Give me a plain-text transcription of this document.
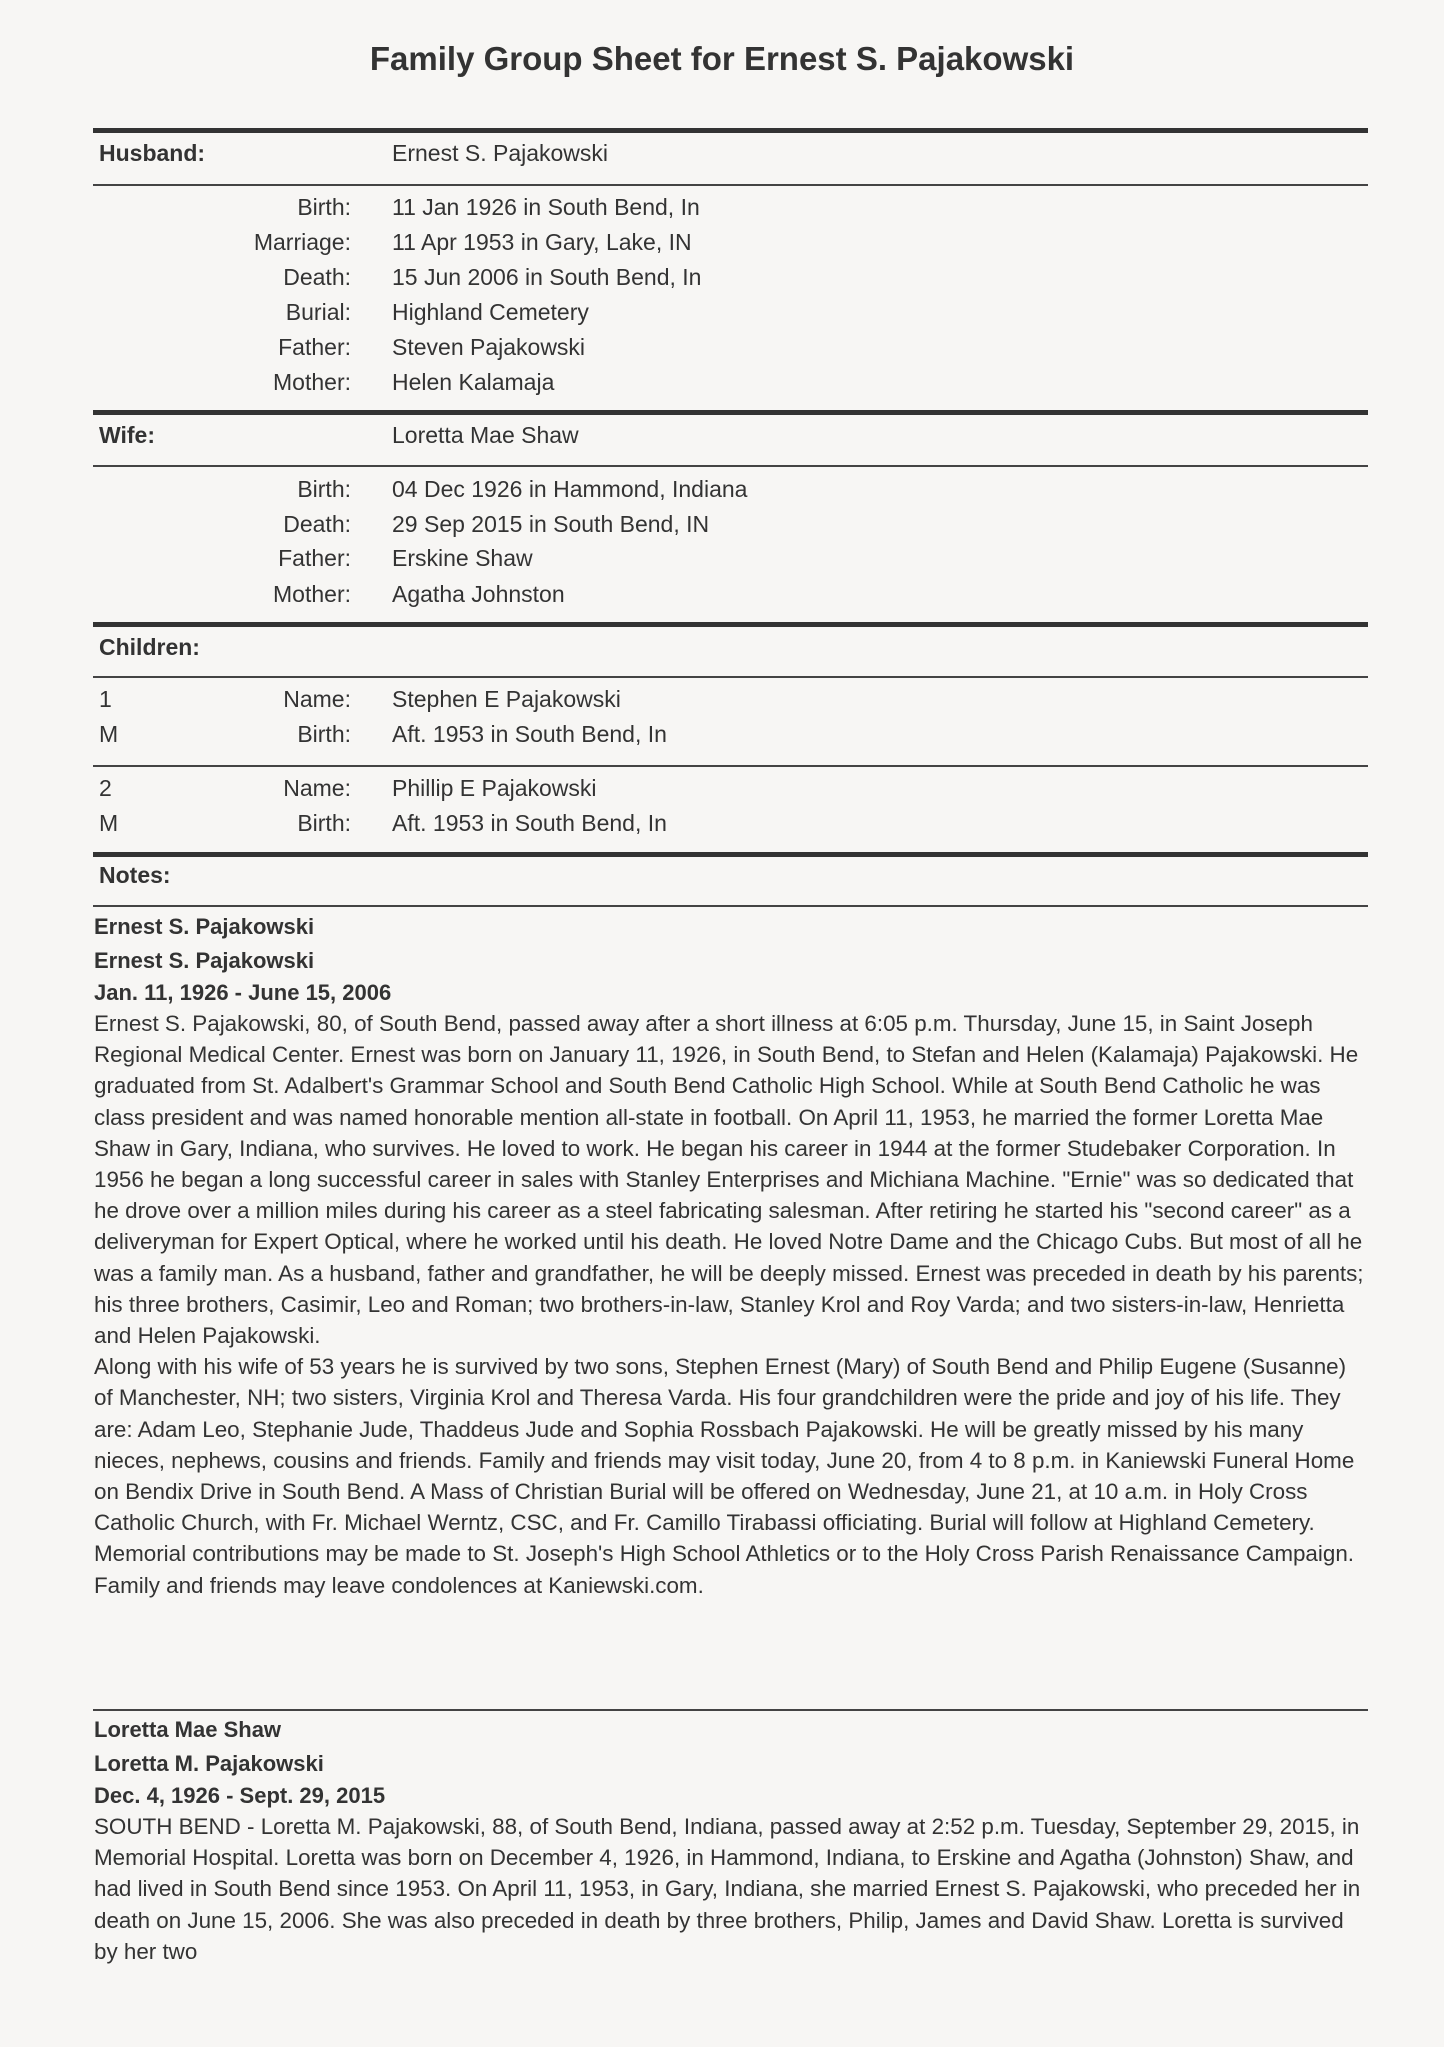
Family Group Sheet for Ernest S. Pajakowski
Husband:	Ernest S. Pajakowski
Birth: 11 Jan 1926 in South Bend, In
Marriage: 11 Apr 1953 in Gary, Lake, IN
Death: 15 Jun 2006 in South Bend, In
Burial: Highland Cemetery
Father: Steven Pajakowski
Mother: Helen Kalamaja
Wife:	Loretta Mae Shaw
Birth: 04 Dec 1926 in Hammond, Indiana
Death: 29 Sep 2015 in South Bend, IN
Father: Erskine Shaw
Mother: Agatha Johnston
Children:
1	Name: Stephen E Pajakowski
M	Birth: Aft. 1953 in South Bend, In
2	Name: Phillip E Pajakowski
M	Birth: Aft. 1953 in South Bend, In
Notes:
Ernest S. Pajakowski
Ernest S. Pajakowski
Jan. 11, 1926 - June 15, 2006

Ernest S. Pajakowski, 80, of South Bend, passed away after a short illness at 6:05 p.m. Thursday, June 15, in Saint Joseph Regional Medical Center. Ernest was born on January 11, 1926, in South Bend, to Stefan and Helen (Kalamaja) Pajakowski. He graduated from St. Adalbert's Grammar School and South Bend Catholic High School. While at South Bend Catholic he was class president and was named honorable mention all-state in football. On April 11, 1953, he married the former Loretta Mae Shaw in Gary, Indiana, who survives. He loved to work. He began his career in 1944 at the former Studebaker Corporation. In 1956 he began a long successful career in sales with Stanley Enterprises and Michiana Machine. "Ernie" was so dedicated that he drove over a million miles during his career as a steel fabricating salesman. After retiring he started his "second career" as a deliveryman for Expert Optical, where he worked until his death. He loved Notre Dame and the Chicago Cubs. But most of all he was a family man. As a husband, father and grandfather, he will be deeply missed. Ernest was preceded in death by his parents; his three brothers, Casimir, Leo and Roman; two brothers-in-law, Stanley Krol and Roy Varda; and two sisters-in-law, Henrietta and Helen Pajakowski.

Along with his wife of 53 years he is survived by two sons, Stephen Ernest (Mary) of South Bend and Philip Eugene (Susanne) of Manchester, NH; two sisters, Virginia Krol and Theresa Varda. His four grandchildren were the pride and joy of his life. They are: Adam Leo, Stephanie Jude, Thaddeus Jude and Sophia Rossbach Pajakowski. He will be greatly missed by his many nieces, nephews, cousins and friends. Family and friends may visit today, June 20, from 4 to 8 p.m. in Kaniewski Funeral Home on Bendix Drive in South Bend. A Mass of Christian Burial will be offered on Wednesday, June 21, at 10 a.m. in Holy Cross Catholic Church, with Fr. Michael Werntz, CSC, and Fr. Camillo Tirabassi officiating. Burial will follow at Highland Cemetery. Memorial contributions may be made to St. Joseph's High School Athletics or to the Holy Cross Parish Renaissance Campaign. Family and friends may leave condolences at Kaniewski.com.

Loretta Mae Shaw
Loretta M. Pajakowski
Dec. 4, 1926 - Sept. 29, 2015

SOUTH BEND - Loretta M. Pajakowski, 88, of South Bend, Indiana, passed away at 2:52 p.m. Tuesday, September 29, 2015, in Memorial Hospital. Loretta was born on December 4, 1926, in Hammond, Indiana, to Erskine and Agatha (Johnston) Shaw, and had lived in South Bend since 1953. On April 11, 1953, in Gary, Indiana, she married Ernest S. Pajakowski, who preceded her in death on June 15, 2006. She was also preceded in death by three brothers, Philip, James and David Shaw. Loretta is survived by her two
